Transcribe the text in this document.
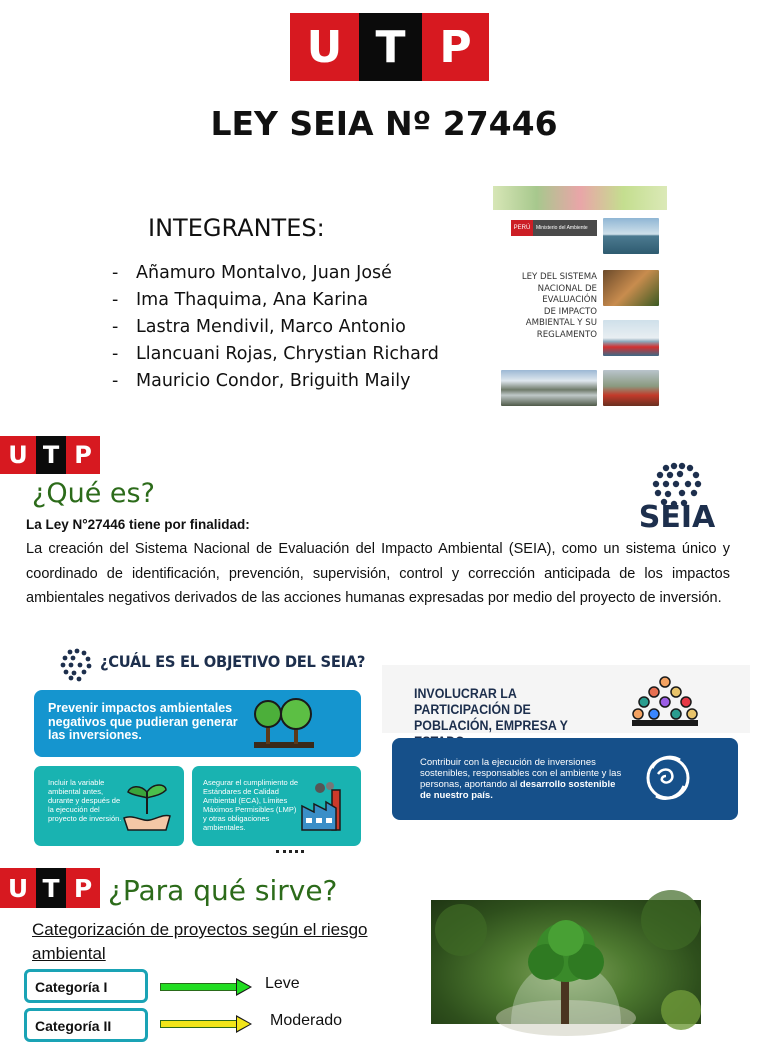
U T P
LEY SEIA Nº 27446
INTEGRANTES:
- Añamuro Montalvo, Juan José
- Ima Thaquima, Ana Karina
- Lastra Mendivil, Marco Antonio
- Llancuani Rojas, Chrystian Richard
- Mauricio Condor, Briguith Maily
PERÚ	Ministerio del Ambiente
LEY DEL SISTEMA
NACIONAL DE
EVALUACIÓN
DE IMPACTO
AMBIENTAL Y SU
REGLAMENTO
U T P
¿Qué es?
La Ley N°27446 tiene por finalidad:
La creación del Sistema Nacional de Evaluación del Impacto Ambiental (SEIA), como un sistema único y coordinado de identificación, prevención, supervisión, control y corrección anticipada de los impactos ambientales negativos derivados de las acciones humanas expresadas por medio del proyecto de inversión.
SEIA
¿CUÁL ES EL OBJETIVO DEL SEIA?
Prevenir impactos ambientales negativos que pudieran generar las inversiones.
Incluir la variable ambiental antes, durante y después de la ejecución del proyecto de inversión.
Asegurar el cumplimiento de Estándares de Calidad Ambiental (ECA), Límites Máximos Permisibles (LMP) y otras obligaciones ambientales.
INVOLUCRAR LA PARTICIPACIÓN DE POBLACIÓN, EMPRESA Y
Contribuir con la ejecución de inversiones sostenibles, responsables con el ambiente y las personas, aportando al desarrollo sostenible de nuestro país.
U T P ¿Para qué sirve?
Categorización de proyectos según el riesgo ambiental
Categoría I	Leve
Categoría II	Moderado
